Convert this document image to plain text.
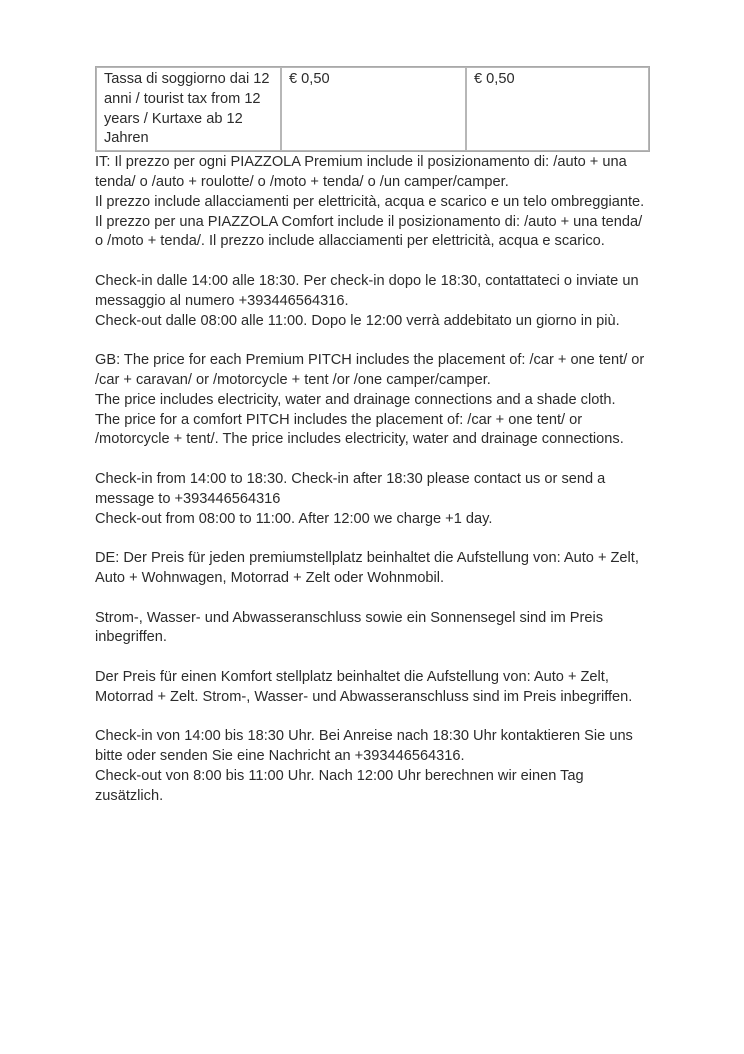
Tassa di soggiorno dai 12 anni / tourist tax from 12 years / Kurtaxe ab 12 Jahren	€ 0,50	€ 0,50

IT: Il prezzo per ogni PIAZZOLA Premium include il posizionamento di: /auto + una tenda/ o /auto + roulotte/ o /moto + tenda/ o /un camper/camper.

Il prezzo include allacciamenti per elettricità, acqua e scarico e un telo ombreggiante.

Il prezzo per una PIAZZOLA Comfort include il posizionamento di: /auto + una tenda/ o /moto + tenda/. Il prezzo include allacciamenti per elettricità, acqua e scarico.

Check-in dalle 14:00 alle 18:30. Per check-in dopo le 18:30, contattateci o inviate un messaggio al numero +393446564316.

Check-out dalle 08:00 alle 11:00. Dopo le 12:00 verrà addebitato un giorno in più.

GB: The price for each Premium PITCH includes the placement of: /car + one tent/ or /car + caravan/ or /motorcycle + tent /or /one camper/camper.

The price includes electricity, water and drainage connections and a shade cloth.

The price for a comfort PITCH includes the placement of: /car + one tent/ or /motorcycle + tent/. The price includes electricity, water and drainage connections.

Check-in from 14:00 to 18:30. Check-in after 18:30 please contact us or send a message to +393446564316

Check-out from 08:00 to 11:00. After 12:00 we charge +1 day.

DE: Der Preis für jeden premiumstellplatz beinhaltet die Aufstellung von: Auto + Zelt, Auto + Wohnwagen, Motorrad + Zelt oder Wohnmobil.

Strom-, Wasser- und Abwasseranschluss sowie ein Sonnensegel sind im Preis inbegriffen.

Der Preis für einen Komfort stellplatz beinhaltet die Aufstellung von: Auto + Zelt, Motorrad + Zelt. Strom-, Wasser- und Abwasseranschluss sind im Preis inbegriffen.

Check-in von 14:00 bis 18:30 Uhr. Bei Anreise nach 18:30 Uhr kontaktieren Sie uns bitte oder senden Sie eine Nachricht an +393446564316.

Check-out von 8:00 bis 11:00 Uhr. Nach 12:00 Uhr berechnen wir einen Tag zusätzlich.
